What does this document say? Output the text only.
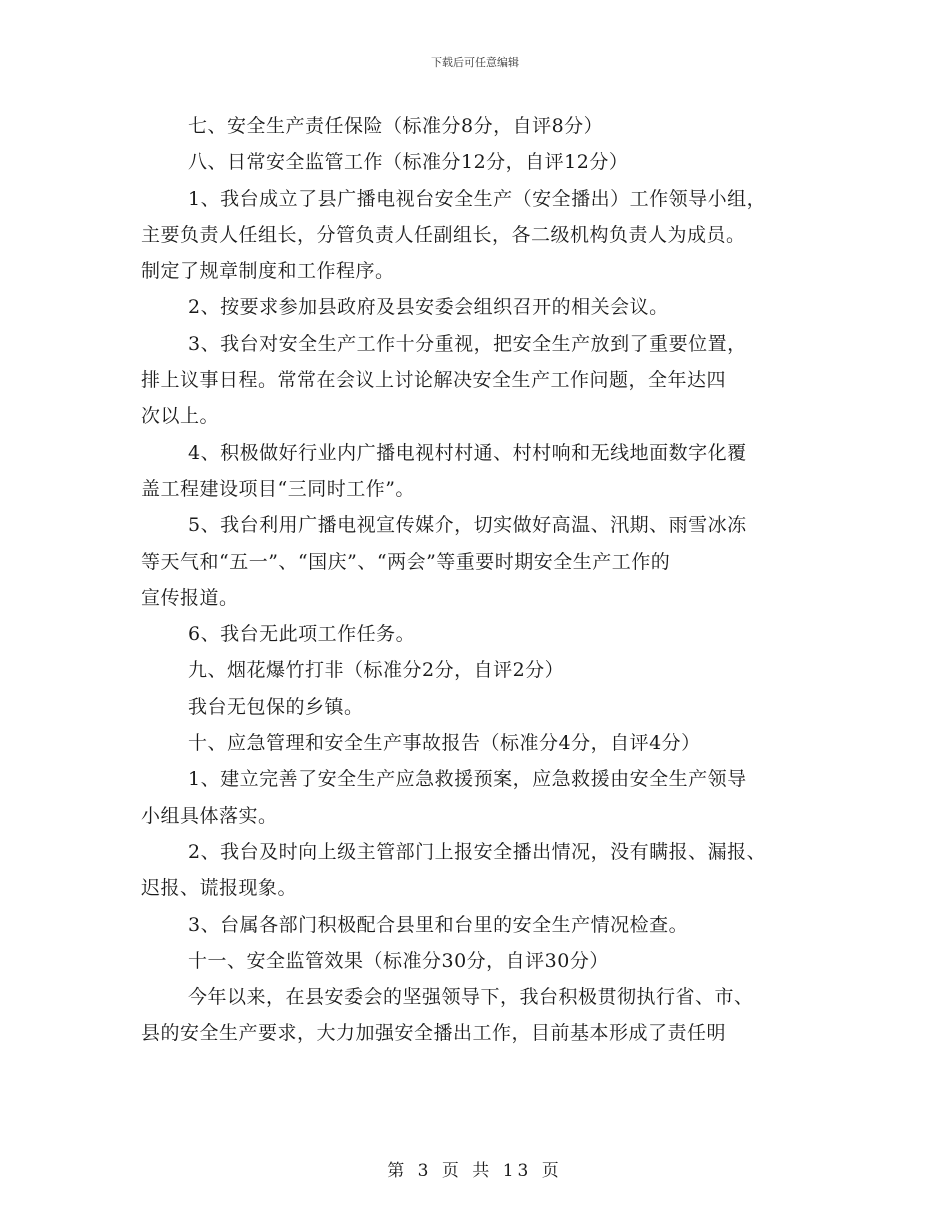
下载后可任意编辑

七、安全生产责任保险（标准分8分，自评8分）

八、日常安全监管工作（标准分12分，自评12分）

1、我台成立了县广播电视台安全生产（安全播出）工作领导小组，

主要负责人任组长，分管负责人任副组长，各二级机构负责人为成员。

制定了规章制度和工作程序。

2、按要求参加县政府及县安委会组织召开的相关会议。

3、我台对安全生产工作十分重视，把安全生产放到了重要位置，

排上议事日程。常常在会议上讨论解决安全生产工作问题，全年达四

次以上。

4、积极做好行业内广播电视村村通、村村响和无线地面数字化覆

盖工程建设项目“三同时工作”。

5、我台利用广播电视宣传媒介，切实做好高温、汛期、雨雪冰冻

等天气和“五一”、“国庆”、“两会”等重要时期安全生产工作的

宣传报道。

6、我台无此项工作任务。

九、烟花爆竹打非（标准分2分，自评2分）

我台无包保的乡镇。

十、应急管理和安全生产事故报告（标准分4分，自评4分）

1、建立完善了安全生产应急救援预案，应急救援由安全生产领导

小组具体落实。

2、我台及时向上级主管部门上报安全播出情况，没有瞒报、漏报、

迟报、谎报现象。

3、台属各部门积极配合县里和台里的安全生产情况检查。

十一、安全监管效果（标准分30分，自评30分）

今年以来，在县安委会的坚强领导下，我台积极贯彻执行省、市、

县的安全生产要求，大力加强安全播出工作，目前基本形成了责任明

第 3 页 共 13 页
